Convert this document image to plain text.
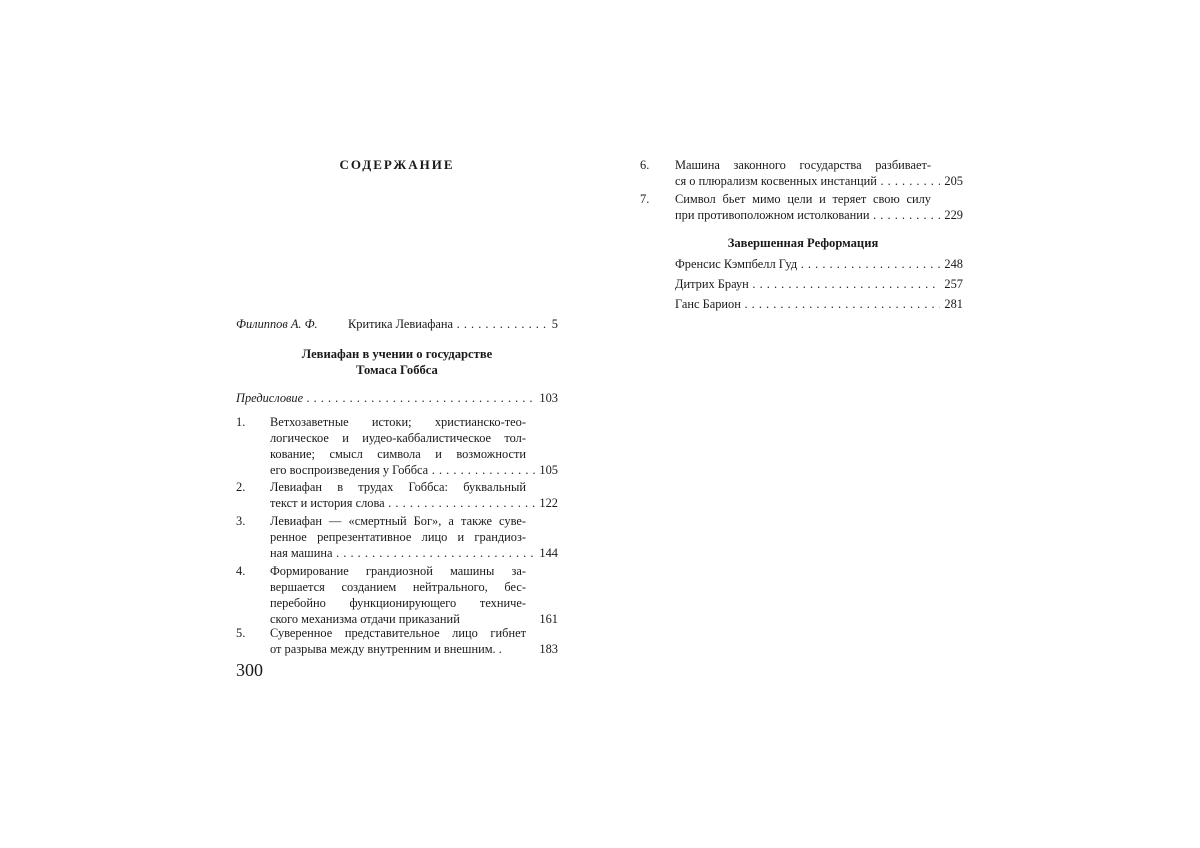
СОДЕРЖАНИЕ
Филиппов А. Ф.	Критика Левиафана . . .	5
Левиафан в учении о государстве
Томаса Гоббса
Предисловие . . .	103
1.	Ветхозаветные истоки; христианско-тео-
логическое и иудео-каббалистическое тол-
кование; смысл символа и возможности
его воспроизведения у Гоббса . . .	105
2.	Левиафан в трудах Гоббса: буквальный
текст и история слова . . .	122
3.	Левиафан — «смертный Бог», а также суве-
ренное репрезентативное лицо и грандиоз-
ная машина . . .	144
4.	Формирование грандиозной машины за-
вершается созданием нейтрального, бес-
перебойно функционирующего техниче-
ского механизма отдачи приказаний	161
5.	Суверенное представительное лицо гибнет
от разрыва между внутренним и внешним. .	183
300
6.	Машина законного государства разбивает-
ся о плюрализм косвенных инстанций . . .	205
7.	Символ бьет мимо цели и теряет свою силу
при противоположном истолковании . . .	229
Завершенная Реформация
Френсис Кэмпбелл Гуд . . .	248
Дитрих Браун . . .	257
Ганс Барион . . .	281
